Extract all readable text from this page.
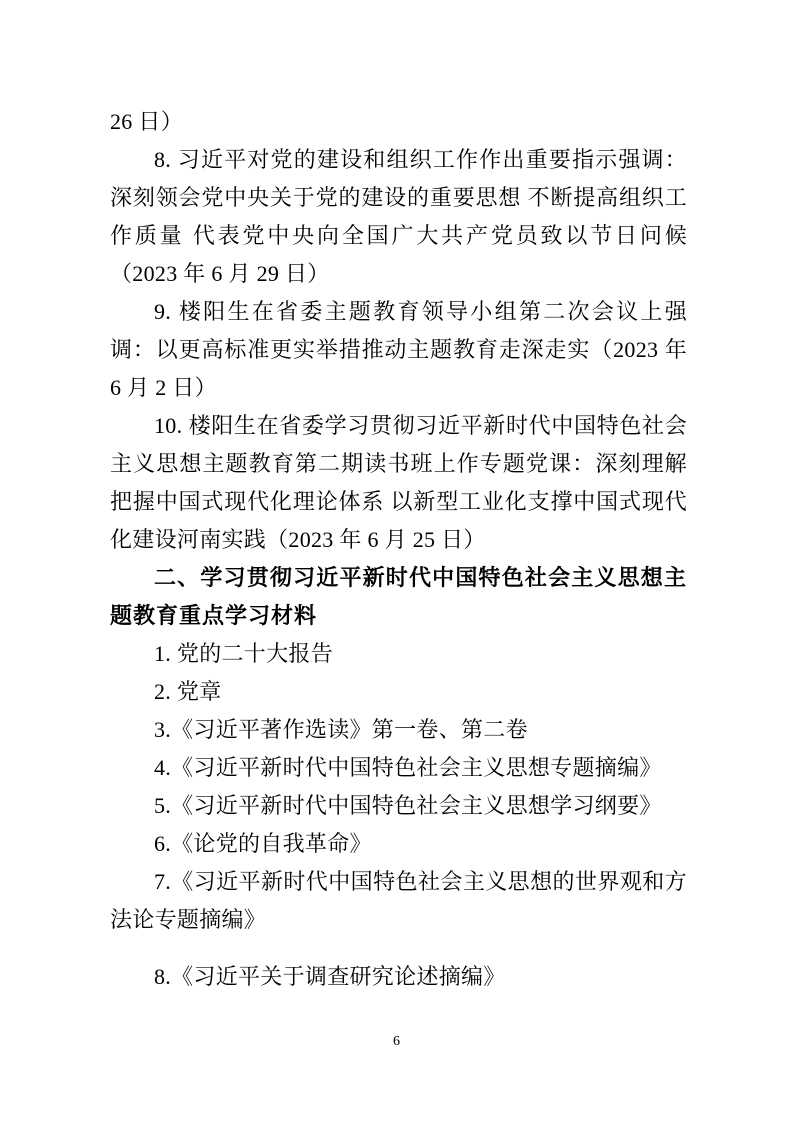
26 日）

8. 习近平对党的建设和组织工作作出重要指示强调：深刻领会党中央关于党的建设的重要思想 不断提高组织工作质量 代表党中央向全国广大共产党员致以节日问候（2023 年 6 月 29 日）

9. 楼阳生在省委主题教育领导小组第二次会议上强调：以更高标准更实举措推动主题教育走深走实（2023 年 6 月 2 日）

10. 楼阳生在省委学习贯彻习近平新时代中国特色社会主义思想主题教育第二期读书班上作专题党课：深刻理解把握中国式现代化理论体系 以新型工业化支撑中国式现代化建设河南实践（2023 年 6 月 25 日）

二、学习贯彻习近平新时代中国特色社会主义思想主题教育重点学习材料

1. 党的二十大报告

2. 党章

3.《习近平著作选读》第一卷、第二卷

4.《习近平新时代中国特色社会主义思想专题摘编》

5.《习近平新时代中国特色社会主义思想学习纲要》

6.《论党的自我革命》

7.《习近平新时代中国特色社会主义思想的世界观和方法论专题摘编》

8.《习近平关于调查研究论述摘编》

6
